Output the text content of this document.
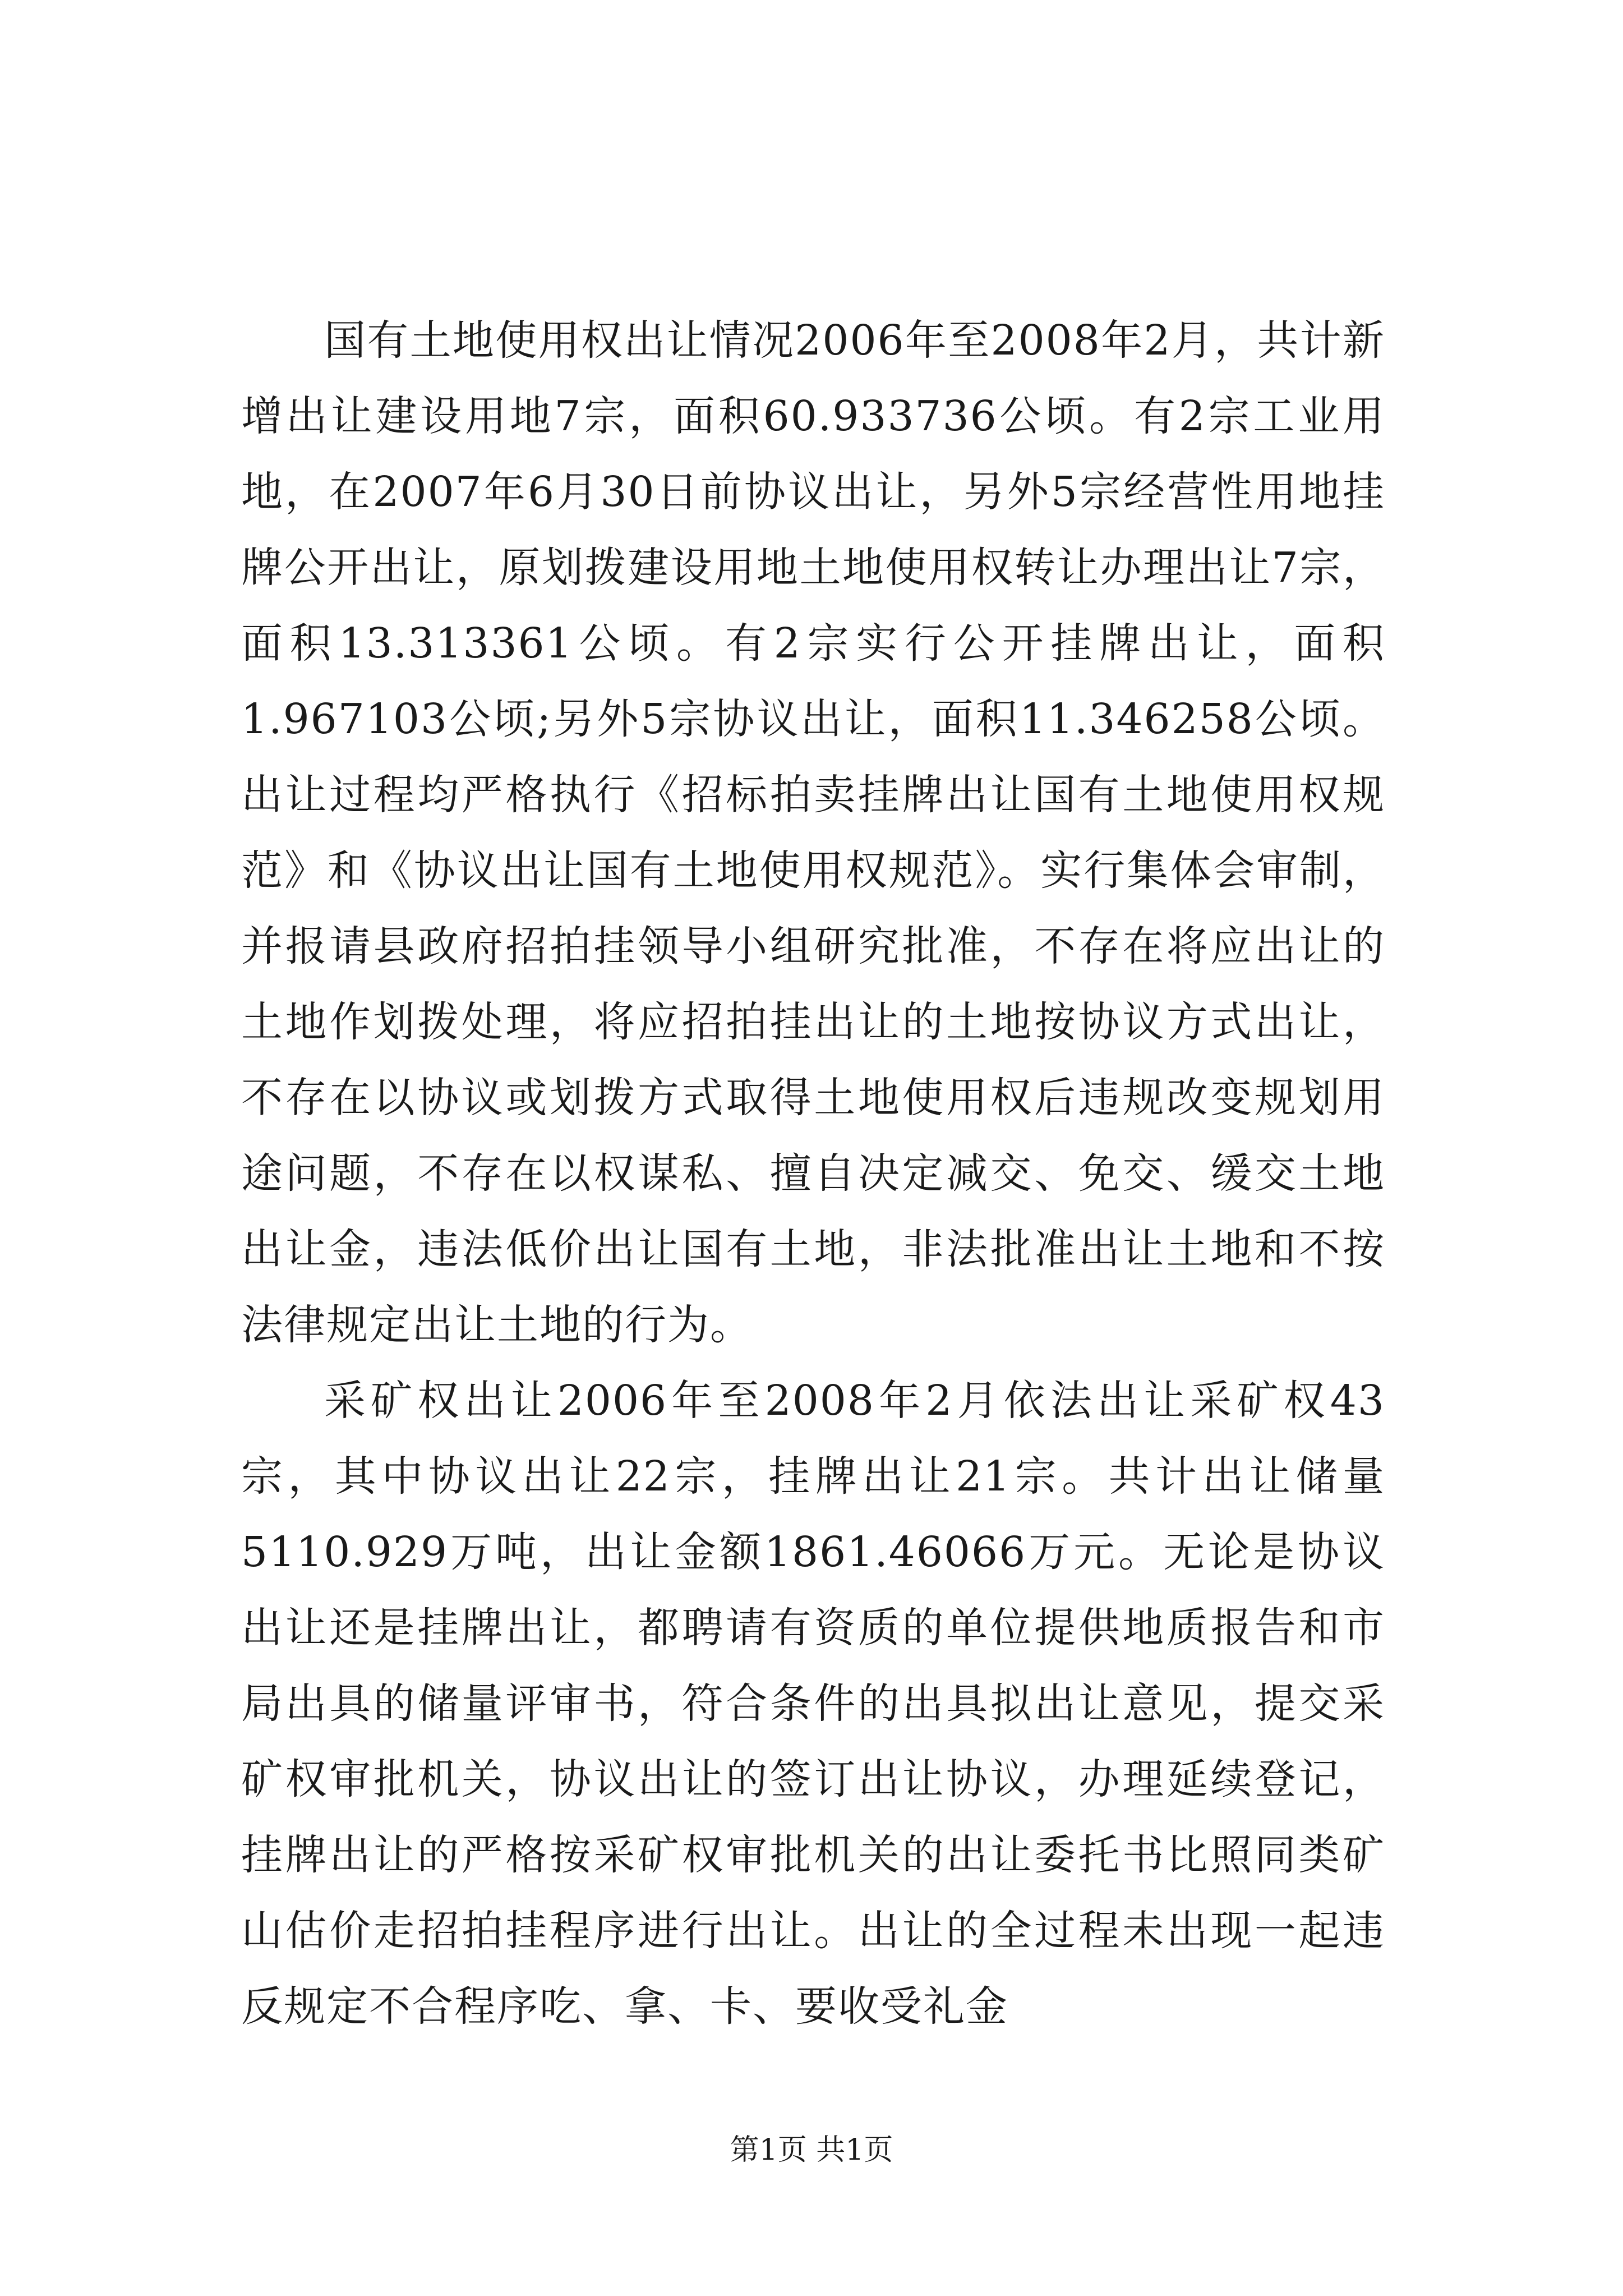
国有土地使用权出让情况2006年至2008年2月，共计新增出让建设用地7宗，面积60.933736公顷。有2宗工业用地，在2007年6月30日前协议出让，另外5宗经营性用地挂牌公开出让，原划拨建设用地土地使用权转让办理出让7宗，面积13.313361公顷。有2宗实行公开挂牌出让，面积1.967103公顷;另外5宗协议出让，面积11.346258公顷。出让过程均严格执行《招标拍卖挂牌出让国有土地使用权规范》和《协议出让国有土地使用权规范》。实行集体会审制，并报请县政府招拍挂领导小组研究批准，不存在将应出让的土地作划拨处理，将应招拍挂出让的土地按协议方式出让，不存在以协议或划拨方式取得土地使用权后违规改变规划用途问题，不存在以权谋私、擅自决定减交、免交、缓交土地出让金，违法低价出让国有土地，非法批准出让土地和不按法律规定出让土地的行为。

采矿权出让2006年至2008年2月依法出让采矿权43宗，其中协议出让22宗，挂牌出让21宗。共计出让储量5110.929万吨，出让金额1861.46066万元。无论是协议出让还是挂牌出让，都聘请有资质的单位提供地质报告和市局出具的储量评审书，符合条件的出具拟出让意见，提交采矿权审批机关，协议出让的签订出让协议，办理延续登记，挂牌出让的严格按采矿权审批机关的出让委托书比照同类矿山估价走招拍挂程序进行出让。出让的全过程未出现一起违反规定不合程序吃、拿、卡、要收受礼金

第1页 共1页
